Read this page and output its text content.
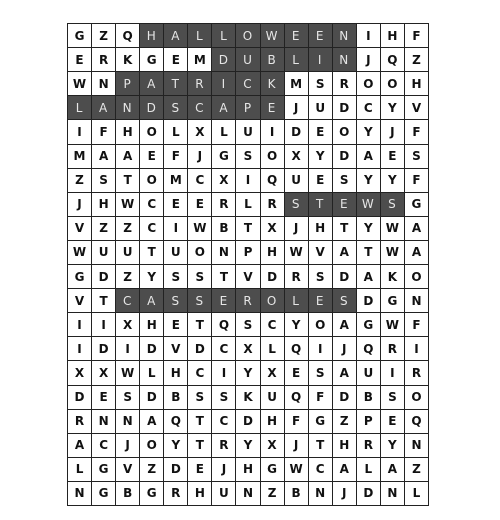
G	Z	Q	H	A	L	L	O	W	E	E	N	I	H	F
E	R	K	G	E	M	D	U	B	L	I	N	J	Q	Z
W	N	P	A	T	R	I	C	K	M	S	R	O	O	H
L	A	N	D	S	C	A	P	E	J	U	D	C	Y	V
I	F	H	O	L	X	L	U	I	D	E	O	Y	J	F
M	A	A	E	F	J	G	S	O	X	Y	D	A	E	S
Z	S	T	O	M	C	X	I	Q	U	E	S	Y	Y	F
J	H	W	C	E	E	R	L	R	S	T	E	W	S	G
V	Z	Z	C	I	W	B	T	X	J	H	T	Y	W	A
W	U	U	T	U	O	N	P	H	W	V	A	T	W	A
G	D	Z	Y	S	S	T	V	D	R	S	D	A	K	O
V	T	C	A	S	S	E	R	O	L	E	S	D	G	N
I	I	X	H	E	T	Q	S	C	Y	O	A	G	W	F
I	D	I	D	V	D	C	X	L	Q	I	J	Q	R	I
X	X	W	L	H	C	I	Y	X	E	S	A	U	I	R
D	E	S	D	B	S	S	K	U	Q	F	D	B	S	O
R	N	N	A	Q	T	C	D	H	F	G	Z	P	E	Q
A	C	J	O	Y	T	R	Y	X	J	T	H	R	Y	N
L	G	V	Z	D	E	J	H	G	W	C	A	L	A	Z
N	G	B	G	R	H	U	N	Z	B	N	J	D	N	L
